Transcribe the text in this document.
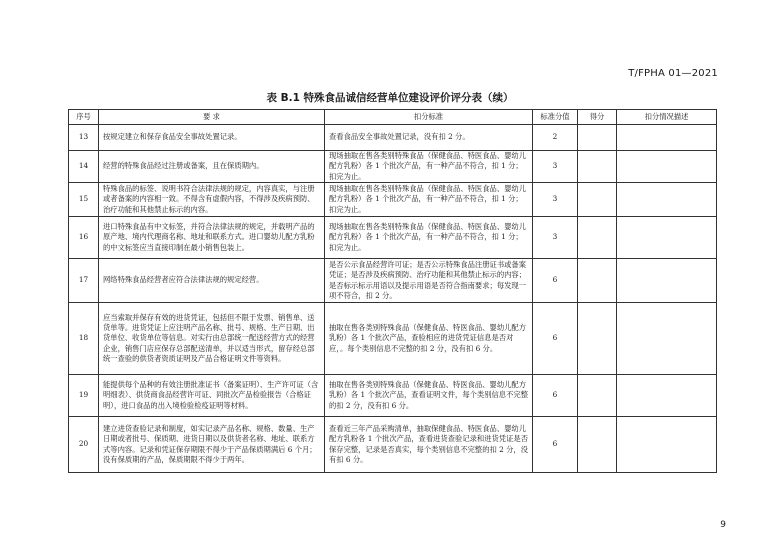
T/FPHA 01—2021
表 B.1 特殊食品诚信经营单位建设评价评分表（续）
序号	要 求	扣分标准	标准分值	得分	扣分情况描述
13	按规定建立和保存食品安全事故处置记录。	查看食品安全事故处置记录，没有扣 2 分。	2		
14	经营的特殊食品经过注册或备案，且在保质期内。	现场抽取在售各类别特殊食品（保健食品、特医食品、婴幼儿配方乳粉）各 1 个批次产品，有一种产品不符合，扣 1 分；扣完为止。	3		
15	特殊食品的标签、说明书符合法律法规的规定，内容真实，与注册或者备案的内容相一致。不得含有虚假内容，不得涉及疾病预防、治疗功能和其他禁止标示的内容。	现场抽取在售各类别特殊食品（保健食品、特医食品、婴幼儿配方乳粉）各 1 个批次产品，有一种产品不符合，扣 1 分；扣完为止。	3		
16	进口特殊食品有中文标签，并符合法律法规的规定，并载明产品的原产地、境内代理商名称、地址和联系方式。进口婴幼儿配方乳粉的中文标签应当直接印制在最小销售包装上。	现场抽取在售各类别特殊食品（保健食品、特医食品、婴幼儿配方乳粉）各 1 个批次产品，有一种产品不符合，扣 1 分；扣完为止。	3		
17	网络特殊食品经营者应符合法律法规的规定经营。	是否公示食品经营许可证；是否公示特殊食品注册证书或备案凭证；是否涉及疾病预防、治疗功能和其他禁止标示的内容；是否标示标示用语以及提示用语是否符合指南要求；每发现一项不符合，扣 2 分。	6		
18	应当索取并保存有效的进货凭证，包括但不限于发票、销售单、送货单等。进货凭证上应注明产品名称、批号、规格、生产日期、出货单位、收货单位等信息。对实行由总部统一配送经营方式的经营企业，销售门店应保存总部配送清单，并以适当形式，留存经总部统一查验的供货者资质证明及产品合格证明文件等资料。	抽取在售各类别特殊食品（保健食品、特医食品、婴幼儿配方乳粉）各 1 个批次产品，查验相应的进货凭证信息是否对应，。每个类别信息不完整的扣 2 分，没有扣 6 分。	6		
19	能提供每个品种的有效注册批准证书（备案证明）、生产许可证（含明细表）、供货商食品经营许可证、同批次产品检验报告（合格证明），进口食品的出入境检验检疫证明等材料。	抽取在售各类别特殊食品（保健食品、特医食品、婴幼儿配方乳粉）各 1 个批次产品，查看证明文件，每个类别信息不完整的扣 2 分，没有扣 6 分。	6		
20	建立进货查验记录和制度，如实记录产品名称、规格、数量、生产日期或者批号、保质期、进货日期以及供货者名称、地址、联系方式等内容。记录和凭证保存期限不得少于产品保质期满后 6 个月；没有保质期的产品，保质期限不得少于两年。	查看近三年产品采购清单，抽取保健食品、特医食品、婴幼儿配方乳粉各 1 个批次产品，查看进货查验记录和进货凭证是否保存完整，记录是否真实，每个类别信息不完整的扣 2 分，没有扣 6 分。	6		
9
